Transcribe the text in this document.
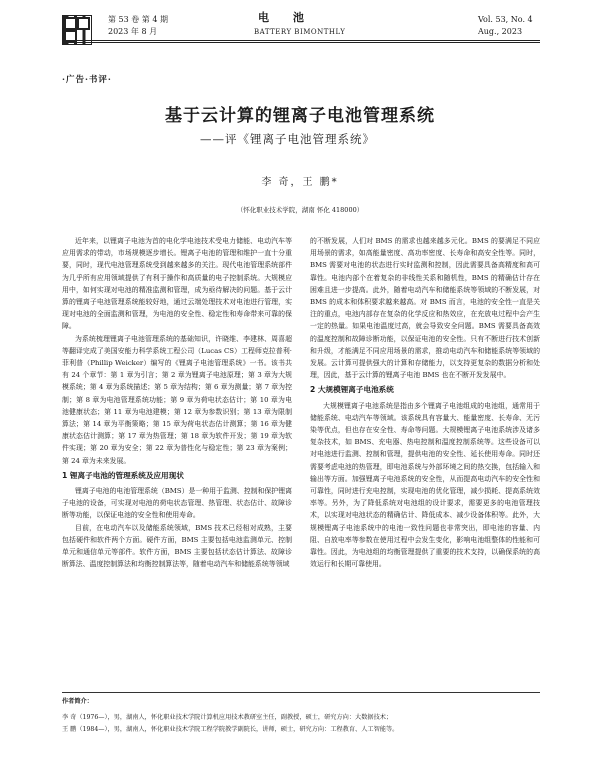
第 53 卷 第 4 期
2023 年 8 月
电 池
BATTERY BIMONTHLY
Vol. 53, No. 4
Aug., 2023
·广告·书评·
基于云计算的锂离子电池管理系统
——评《锂离子电池管理系统》
李 奇，王 鹏*
（怀化职业技术学院，湖南 怀化 418000）

近年来，以锂离子电池为首的电化学电池技术受电力储能、电动汽车等应用需求的带动，市场规模逐步增长。锂离子电池的管理和维护一直十分重要，同时，现代电池管理系统受到越来越多的关注。现代电池管理系统部件为几乎所有应用领域提供了有利于操作和高质量的电子控制系统。大规模应用中，如何实现对电池的精准监测和管理，成为亟待解决的问题。基于云计算的锂离子电池管理系统能较好地，通过云端处理技术对电池进行管理，实现对电池的全面监测和管理，为电池的安全性、稳定性和寿命带来可靠的保障。

为系统梳理锂离子电池管理系统的基础知识，许晓维、李建林、周喜超等翻译完成了美国安能力科学系统工程公司（Lucas CS）工程师克拉普利·菲利普（Phillip Weicker）编写的《锂离子电池管理系统》一书。该书共有 24 个章节：第 1 章为引言；第 2 章为锂离子电池原理；第 3 章为大规模系统；第 4 章为系统描述；第 5 章为结构；第 6 章为测量；第 7 章为控制；第 8 章为电池管理系统功能；第 9 章为荷电状态估计；第 10 章为电池健康状态；第 11 章为电池建模；第 12 章为参数识别；第 13 章为限制算法；第 14 章为平衡策略；第 15 章为荷电状态估计测算；第 16 章为健康状态估计测算；第 17 章为热管理；第 18 章为软件开发；第 19 章为软件实现；第 20 章为安全；第 22 章为普性化与稳定性；第 23 章为案例；第 24 章为未来发展。

1 锂离子电池的管理系统及应用现状

锂离子电池的电池管理系统（BMS）是一种用于监测、控制和保护锂离子电池的设备，可实现对电池的荷电状态管理、热管理、状态估计、故障诊断等功能，以保证电池的安全性和使用寿命。

目前，在电动汽车以及储能系统领域，BMS 技术已经相对成熟，主要包括硬件和软件两个方面。硬件方面，BMS 主要包括电池监测单元、控制单元和通信单元等部件。软件方面，BMS 主要包括状态估计算法、故障诊断算法、温度控制算法和均衡控制算法等，随着电动汽车和储能系统等领域

的不断发展，人们对 BMS 的需求也越来越多元化。BMS 的要满足不同应用场景的需求，如高能量密度、高功率密度、长寿命和高安全性等。同时，BMS 需要对电池的状态进行实时监测和控制，因此需要具备高精度和高可靠性。电池内部个在着复杂的非线性关系和随机性，BMS 的精确估计存在困难且进一步提高。此外，随着电动汽车和储能系统等领域的不断发展，对 BMS 的成本和体积要求越来越高。对 BMS 而言，电池的安全性一直是关注的重点，电池内部存在复杂的化学反应和热效应，在充放电过程中会产生一定的热量。如果电池温度过高，就会导致安全问题。BMS 需要具备高效的温度控制和故障诊断功能，以保证电池的安全性。只有不断进行技术创新和升级，才能满足不同应用场景的需求，推动电动汽车和储能系统等领域的发展。云计算可提供强大的计算和存储能力，以支持更复杂的数据分析和处理，因此，基于云计算的锂离子电池 BMS 也在不断开发发展中。

2 大规模锂离子电池系统

大规模锂离子电池系统是指由多个锂离子电池组成的电池组，通常用于储能系统、电动汽车等领域。该系统具有容量大、能量密度、长寿命、无污染等优点，但也存在安全性、寿命等问题。大规模锂离子电池系统涉及诸多复杂技术，如 BMS、充电器、热电控制和温度控制系统等。这些设备可以对电池进行监测、控制和管理，提供电池的安全性、延长使用寿命。同时还需要考虑电池的热管理，即电池系统与外部环境之间的热交换，包括输入和输出等方面。加强锂离子电池系统的安全性，从而提高电动汽车的安全性和可靠性，同时进行充电控制，实现电池的优化管理，减少损耗、提高系统效率等。另外，为了降低系统对电池组的设计要求，需要更多的电池管理技术，以实现对电池状态的精确估计、降低成本、减少设备体积等。此外，大规模锂离子电池系统中的电池一致性问题也非常突出，即电池的容量、内阻、自放电率等参数在使用过程中会发生变化，影响电池组整体的性能和可靠性。因此，为电池组的均衡管理提供了重要的技术支持，以确保系统的高效运行和长期可靠使用。

作者简介：
李 奇（1976—），男，湖南人，怀化职业技术学院计算机应用技术教研室主任，副教授，硕士，研究方向：大数据技术；
王 鹏（1984—），男，湖南人，怀化职业技术学院工程学院教学副院长，讲师，硕士，研究方向：工程教育、人工智能等。
